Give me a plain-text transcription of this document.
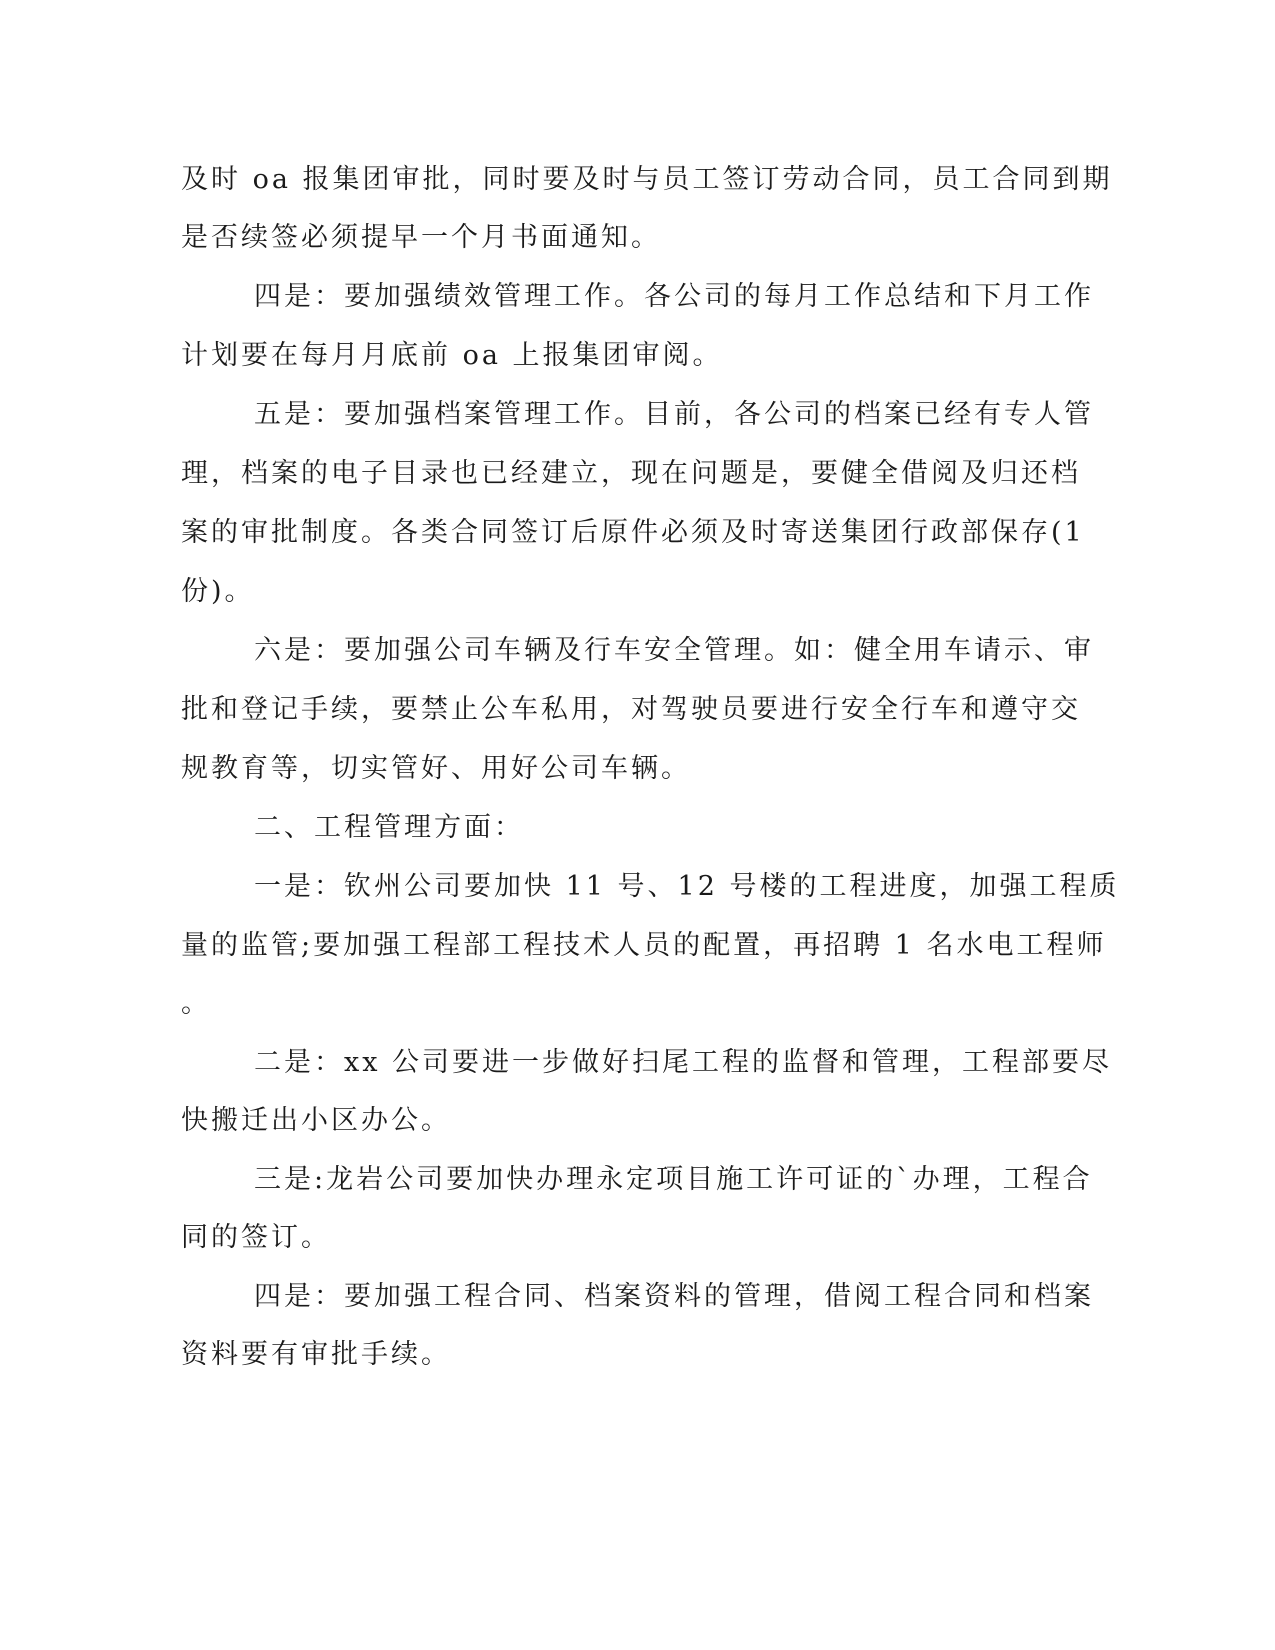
及时 oa 报集团审批，同时要及时与员工签订劳动合同，员工合同到期
是否续签必须提早一个月书面通知。
四是：要加强绩效管理工作。各公司的每月工作总结和下月工作
计划要在每月月底前 oa 上报集团审阅。
五是：要加强档案管理工作。目前，各公司的档案已经有专人管
理，档案的电子目录也已经建立，现在问题是，要健全借阅及归还档
案的审批制度。各类合同签订后原件必须及时寄送集团行政部保存(1
份)。
六是：要加强公司车辆及行车安全管理。如：健全用车请示、审
批和登记手续，要禁止公车私用，对驾驶员要进行安全行车和遵守交
规教育等，切实管好、用好公司车辆。
二、工程管理方面：
一是：钦州公司要加快 11 号、12 号楼的工程进度，加强工程质
量的监管;要加强工程部工程技术人员的配置，再招聘 1 名水电工程师
。
二是：xx 公司要进一步做好扫尾工程的监督和管理，工程部要尽
快搬迁出小区办公。
三是:龙岩公司要加快办理永定项目施工许可证的`办理，工程合
同的签订。
四是：要加强工程合同、档案资料的管理，借阅工程合同和档案
资料要有审批手续。
